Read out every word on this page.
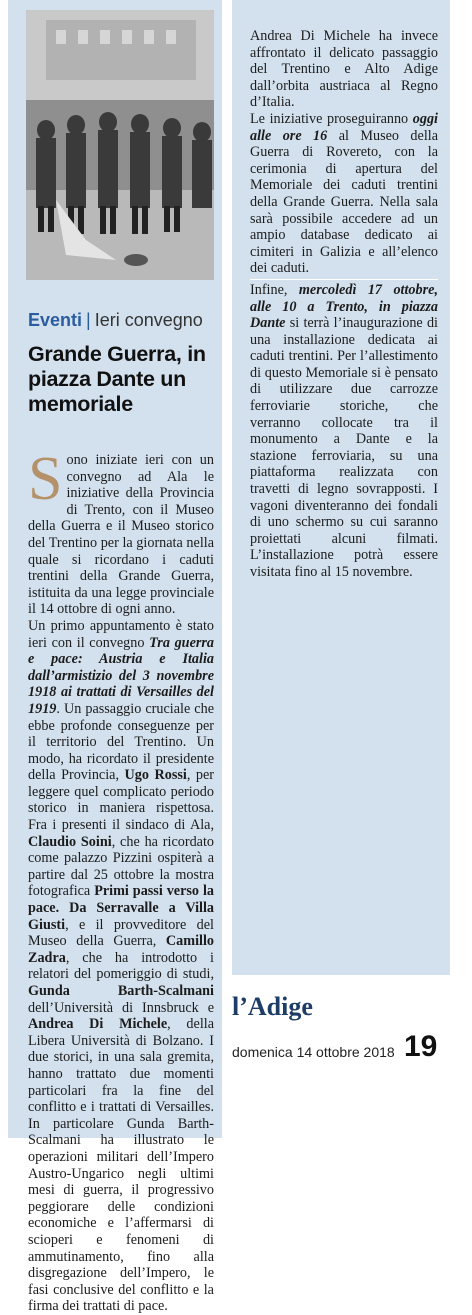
Eventi | Ieri convegno
Grande Guerra, in piazza Dante un memoriale

Sono iniziate ieri con un convegno ad Ala le iniziative della Provincia di Trento, con il Museo della Guerra e il Museo storico del Trentino per la giornata nella quale si ricordano i caduti trentini della Grande Guerra, istituita da una legge provinciale il 14 ottobre di ogni anno.

Un primo appuntamento è stato ieri con il convegno Tra guerra e pace: Austria e Italia dall’armistizio del 3 novembre 1918 ai trattati di Versailles del 1919. Un passaggio cruciale che ebbe profonde conseguenze per il territorio del Trentino. Un modo, ha ricordato il presidente della Provincia, Ugo Rossi, per leggere quel complicato periodo storico in maniera rispettosa. Fra i presenti il sindaco di Ala, Claudio Soini, che ha ricordato come palazzo Pizzini ospiterà a partire dal 25 ottobre la mostra fotografica Primi passi verso la pace. Da Serravalle a Villa Giusti, e il provveditore del Museo della Guerra, Camillo Zadra, che ha introdotto i relatori del pomeriggio di studi, Gunda Barth-Scalmani dell’Università di Innsbruck e Andrea Di Michele, della Libera Università di Bolzano. I due storici, in una sala gremita, hanno trattato due momenti particolari fra la fine del conflitto e i trattati di Versailles. In particolare Gunda Barth-Scalmani ha illustrato le operazioni militari dell’Impero Austro-Ungarico negli ultimi mesi di guerra, il progressivo peggiorare delle condizioni economiche e l’affermarsi di scioperi e fenomeni di ammutinamento, fino alla disgregazione dell’Impero, le fasi conclusive del conflitto e la firma dei trattati di pace.

Andrea Di Michele ha invece affrontato il delicato passaggio del Trentino e Alto Adige dall’orbita austriaca al Regno d’Italia.

Le iniziative proseguiranno oggi alle ore 16 al Museo della Guerra di Rovereto, con la cerimonia di apertura del Memoriale dei caduti trentini della Grande Guerra. Nella sala sarà possibile accedere ad un ampio database dedicato ai cimiteri in Galizia e all’elenco dei caduti.

Infine, mercoledì 17 ottobre, alle 10 a Trento, in piazza Dante si terrà l’inaugurazione di una installazione dedicata ai caduti trentini. Per l’allestimento di questo Memoriale si è pensato di utilizzare due carrozze ferroviarie storiche, che verranno collocate tra il monumento a Dante e la stazione ferroviaria, su una piattaforma realizzata con travetti di legno sovrapposti. I vagoni diventeranno dei fondali di uno schermo su cui saranno proiettati alcuni filmati. L’installazione potrà essere visitata fino al 15 novembre.

l’Adige
domenica 14 ottobre 2018 19
